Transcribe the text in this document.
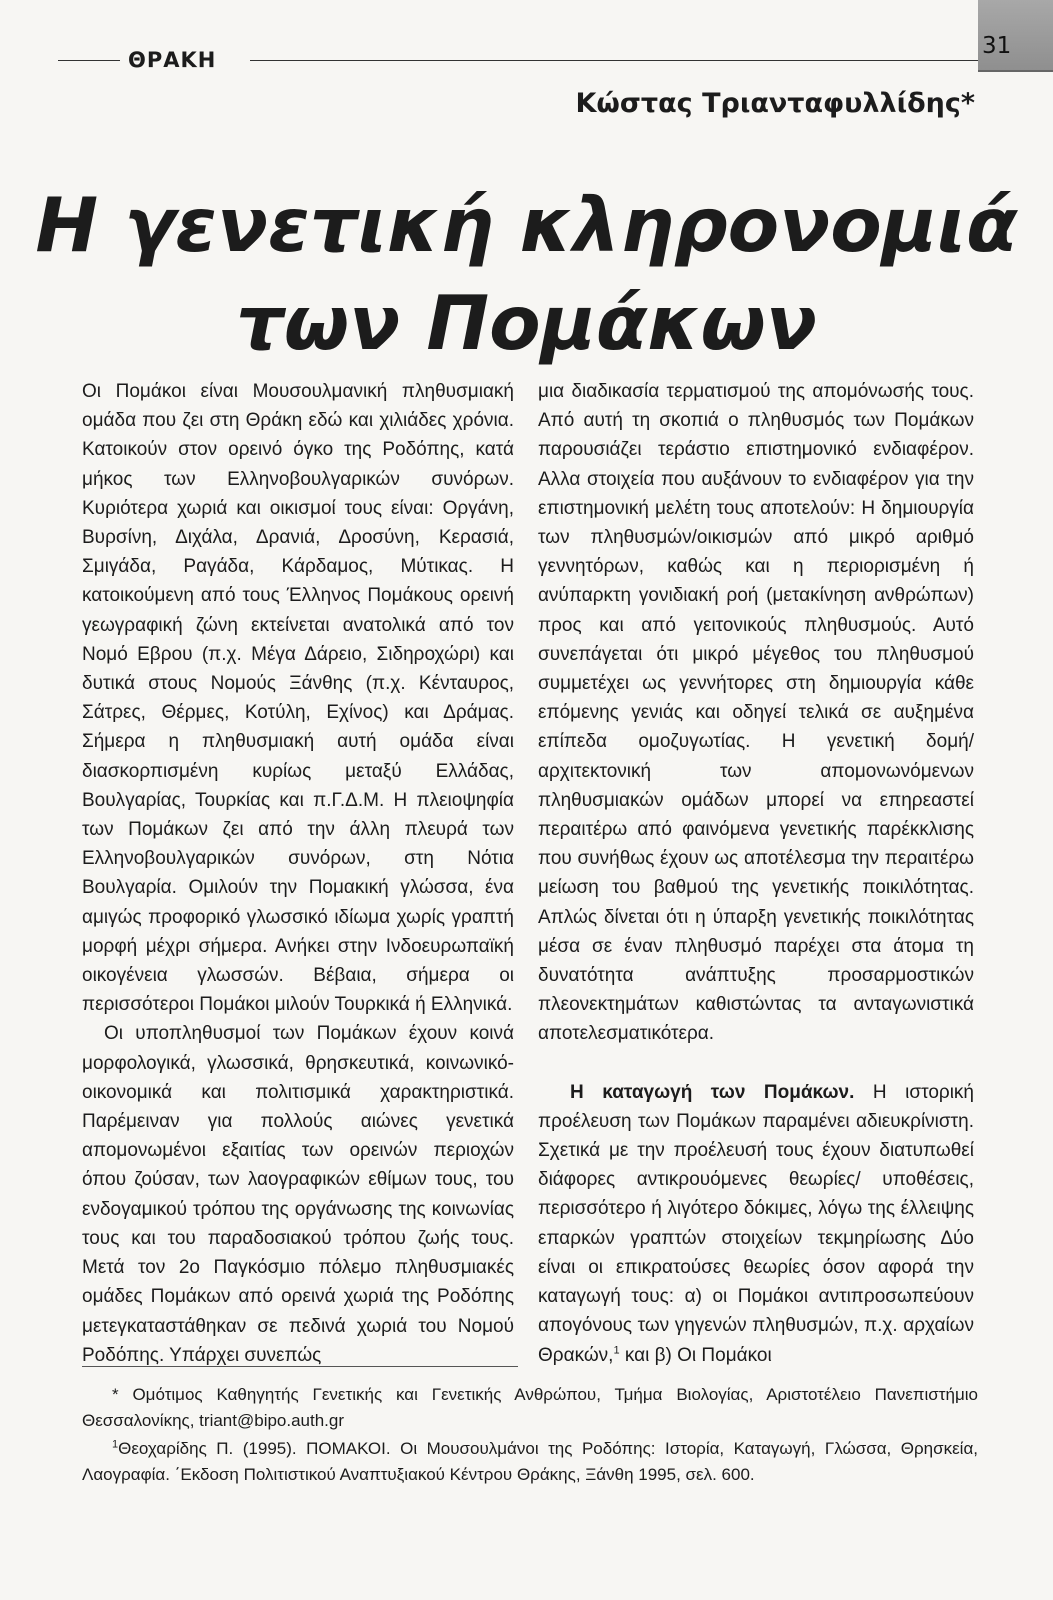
ΘΡΑΚΗ
31
Κώστας Τριανταφυλλίδης*
Η γενετική κληρονομιά
των Πομάκων

Οι Πομάκοι είναι Μουσουλμανική πληθυσμιακή ομάδα που ζει στη Θράκη εδώ και χιλιάδες χρόνια. Κατοικούν στον ορεινό όγκο της Ροδόπης, κατά μήκος των Ελληνοβουλγαρικών συνόρων. Κυριότερα χωριά και οικισμοί τους είναι: Οργάνη, Βυρσίνη, Διχάλα, Δρανιά, Δροσύνη, Κερασιά, Σμιγάδα, Ραγάδα, Κάρδαμος, Μύτικας. Η κατοικούμενη από τους Έλληνος Πομάκους ορεινή γεωγραφική ζώνη εκτείνεται ανατολικά από τον Νομό Εβρου (π.χ. Μέγα Δάρειο, Σιδηροχώρι) και δυτικά στους Νομούς Ξάνθης (π.χ. Κένταυρος, Σάτρες, Θέρμες, Κοτύλη, Εχίνος) και Δράμας. Σήμερα η πληθυσμιακή αυτή ομάδα είναι διασκορπισμένη κυρίως μεταξύ Ελλάδας, Βουλγαρίας, Τουρκίας και π.Γ.Δ.Μ. Η πλειοψηφία των Πομάκων ζει από την άλλη πλευρά των Ελληνοβουλγαρικών συνόρων, στη Νότια Βουλγαρία. Ομιλούν την Πομακική γλώσσα, ένα αμιγώς προφορικό γλωσσικό ιδίωμα χωρίς γραπτή μορφή μέχρι σήμερα. Ανήκει στην Ινδοευρωπαϊκή οικογένεια γλωσσών. Βέβαια, σήμερα οι περισσότεροι Πομάκοι μιλούν Τουρκικά ή Ελληνικά.

Οι υποπληθυσμοί των Πομάκων έχουν κοινά μορφολογικά, γλωσσικά, θρησκευτικά, κοινωνικό-οικονομικά και πολιτισμικά χαρακτηριστικά. Παρέμειναν για πολλούς αιώνες γενετικά απομονωμένοι εξαιτίας των ορεινών περιοχών όπου ζούσαν, των λαογραφικών εθίμων τους, του ενδογαμικού τρόπου της οργάνωσης της κοινωνίας τους και του παραδοσιακού τρόπου ζωής τους. Μετά τον 2ο Παγκόσμιο πόλεμο πληθυσμιακές ομάδες Πομάκων από ορεινά χωριά της Ροδόπης μετεγκαταστάθηκαν σε πεδινά χωριά του Νομού Ροδόπης. Υπάρχει συνεπώς

μια διαδικασία τερματισμού της απομόνωσής τους. Από αυτή τη σκοπιά ο πληθυσμός των Πομάκων παρουσιάζει τεράστιο επιστημονικό ενδιαφέρον. Αλλα στοιχεία που αυξάνουν το ενδιαφέρον για την επιστημονική μελέτη τους αποτελούν: Η δημιουργία των πληθυσμών/οικισμών από μικρό αριθμό γεννητόρων, καθώς και η περιορισμένη ή ανύπαρκτη γονιδιακή ροή (μετακίνηση ανθρώπων) προς και από γειτονικούς πληθυσμούς. Αυτό συνεπάγεται ότι μικρό μέγεθος του πληθυσμού συμμετέχει ως γεννήτορες στη δημιουργία κάθε επόμενης γενιάς και οδηγεί τελικά σε αυξημένα επίπεδα ομοζυγωτίας. Η γενετική δομή/αρχιτεκτονική των απομονωνόμενων πληθυσμιακών ομάδων μπορεί να επηρεαστεί περαιτέρω από φαινόμενα γενετικής παρέκκλισης που συνήθως έχουν ως αποτέλεσμα την περαιτέρω μείωση του βαθμού της γενετικής ποικιλότητας. Απλώς δίνεται ότι η ύπαρξη γενετικής ποικιλότητας μέσα σε έναν πληθυσμό παρέχει στα άτομα τη δυνατότητα ανάπτυξης προσαρμοστικών πλεονεκτημάτων καθιστώντας τα ανταγωνιστικά αποτελεσματικότερα.

Η καταγωγή των Πομάκων. Η ιστορική προέλευση των Πομάκων παραμένει αδιευκρίνιστη. Σχετικά με την προέλευσή τους έχουν διατυπωθεί διάφορες αντικρουόμενες θεωρίες/ υποθέσεις, περισσότερο ή λιγότερο δόκιμες, λόγω της έλλειψης επαρκών γραπτών στοιχείων τεκμηρίωσης Δύο είναι οι επικρατούσες θεωρίες όσον αφορά την καταγωγή τους: α) οι Πομάκοι αντιπροσωπεύουν απογόνους των γηγενών πληθυσμών, π.χ. αρχαίων Θρακών,$^1$ και β) Οι Πομάκοι

* Ομότιμος Καθηγητής Γενετικής και Γενετικής Ανθρώπου, Τμήμα Βιολογίας, Αριστοτέλειο Πανεπιστήμιο Θεσσαλονίκης, triant@bipo.auth.gr

$^1$Θεοχαρίδης Π. (1995). ΠΟΜΑΚΟΙ. Οι Μουσουλμάνοι της Ροδόπης: Ιστορία, Καταγωγή, Γλώσσα, Θρησκεία, Λαογραφία. ΄Εκδοση Πολιτιστικού Αναπτυξιακού Κέντρου Θράκης, Ξάνθη 1995, σελ. 600.
